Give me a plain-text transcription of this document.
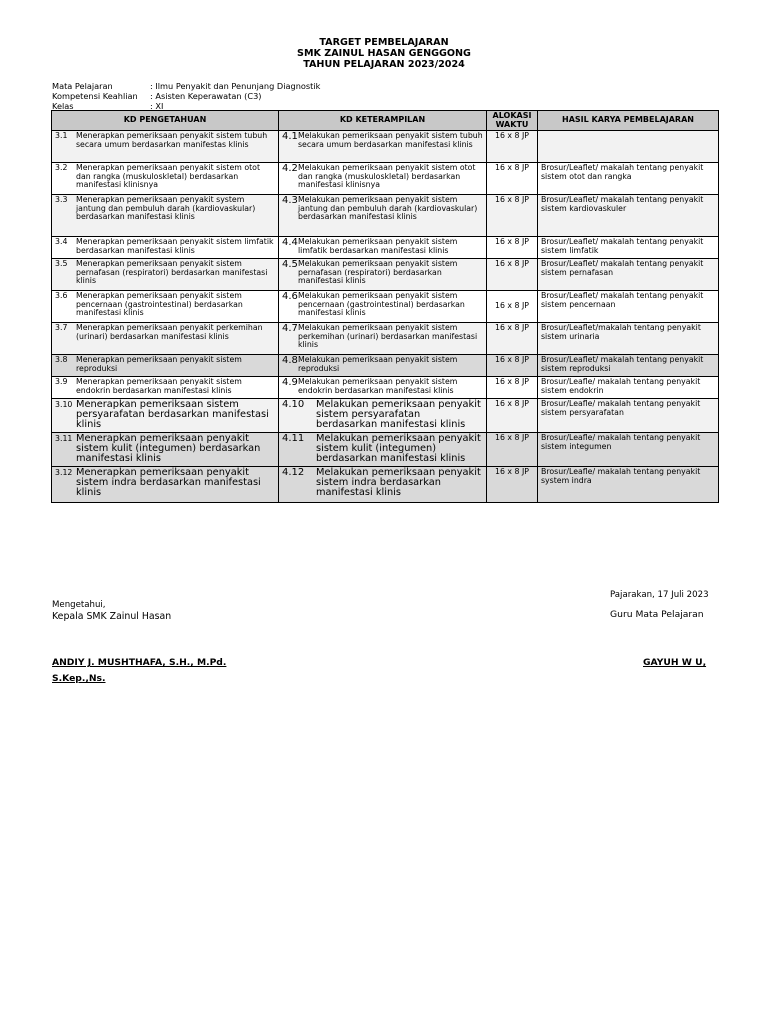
TARGET PEMBELAJARAN
SMK ZAINUL HASAN GENGGONG
TAHUN PELAJARAN 2023/2024
Mata Pelajaran	: Ilmu Penyakit dan Penunjang Diagnostik
Kompetensi Keahlian	: Asisten Keperawatan (C3)
Kelas	: XI
KD PENGETAHUAN	KD KETERAMPILAN	ALOKASI WAKTU	HASIL KARYA PEMBELAJARAN

3.1 Menerapkan pemeriksaan penyakit sistem tubuh secara umum berdasarkan manifestas klinis	4.1 Melakukan pemeriksaan penyakit sistem tubuh secara umum berdasarkan manifestasi klinis	16 x 8 JP	

3.2 Menerapkan pemeriksaan penyakit sistem otot dan rangka (muskuloskletal) berdasarkan manifestasi klinisnya	4.2 Melakukan pemeriksaan penyakit sistem otot dan rangka (muskuloskletal) berdasarkan manifestasi klinisnya	16 x 8 JP	Brosur/Leaflet/ makalah tentang penyakit sistem otot dan rangka

3.3 Menerapkan pemeriksaan penyakit system jantung dan pembuluh darah (kardiovaskular) berdasarkan manifestasi klinis	4.3 Melakukan pemeriksaan penyakit sistem jantung dan pembuluh darah (kardiovaskular) berdasarkan manifestasi klinis	16 x 8 JP	Brosur/Leaflet/ makalah tentang penyakit sistem kardiovaskuler

3.4 Menerapkan pemeriksaan penyakit sistem limfatik berdasarkan manifestasi klinis	4.4 Melakukan pemeriksaan penyakit sistem limfatik berdasarkan manifestasi klinis	16 x 8 JP	Brosur/Leaflet/ makalah tentang penyakit sistem limfatik

3.5 Menerapkan pemeriksaan penyakit sistem pernafasan (respiratori) berdasarkan manifestasi klinis	4.5 Melakukan pemeriksaan penyakit sistem pernafasan (respiratori) berdasarkan manifestasi klinis	16 x 8 JP	Brosur/Leaflet/ makalah tentang penyakit sistem pernafasan

3.6 Menerapkan pemeriksaan penyakit sistem pencernaan (gastrointestinal) berdasarkan manifestasi klinis	4.6 Melakukan pemeriksaan penyakit sistem pencernaan (gastrointestinal) berdasarkan manifestasi klinis	16 x 8 JP	Brosur/Leaflet/ makalah tentang penyakit sistem pencernaan

3.7 Menerapkan pemeriksaan penyakit perkemihan (urinari) berdasarkan manifestasi klinis	4.7 Melakukan pemeriksaan penyakit sistem perkemihan (urinari) berdasarkan manifestasi klinis	16 x 8 JP	Brosur/Leaflet/makalah tentang penyakit sistem urinaria

3.8 Menerapkan pemeriksaan penyakit sistem reproduksi	4.8 Melakukan pemeriksaan penyakit sistem reproduksi	16 x 8 JP	Brosur/Leaflet/ makalah tentang penyakit sistem reproduksi

3.9 Menerapkan pemeriksaan penyakit sistem endokrin berdasarkan manifestasi klinis	4.9 Melakukan pemeriksaan penyakit sistem endokrin berdasarkan manifestasi klinis	16 x 8 JP	Brosur/Leafle/ makalah tentang penyakit sistem endokrin

3.10 Menerapkan pemeriksaan sistem persyarafatan berdasarkan manifestasi klinis	4.10 Melakukan pemeriksaan penyakit sistem persyarafatan berdasarkan manifestasi klinis	16 x 8 JP	Brosur/Leafle/ makalah tentang penyakit sistem persyarafatan

3.11 Menerapkan pemeriksaan penyakit sistem kulit (integumen) berdasarkan manifestasi klinis	4.11 Melakukan pemeriksaan penyakit sistem kulit (integumen) berdasarkan manifestasi klinis	16 x 8 JP	Brosur/Leafle/ makalah tentang penyakit sistem integumen

3.12 Menerapkan pemeriksaan penyakit sistem indra berdasarkan manifestasi klinis	4.12 Melakukan pemeriksaan penyakit sistem indra berdasarkan manifestasi klinis	16 x 8 JP	Brosur/Leafle/ makalah tentang penyakit system indra
Mengetahui,
Kepala SMK Zainul Hasan
Pajarakan, 17 Juli 2023
Guru Mata Pelajaran
ANDIY J. MUSHTHAFA, S.H., M.Pd.
S.Kep.,Ns.
GAYUH W U,
